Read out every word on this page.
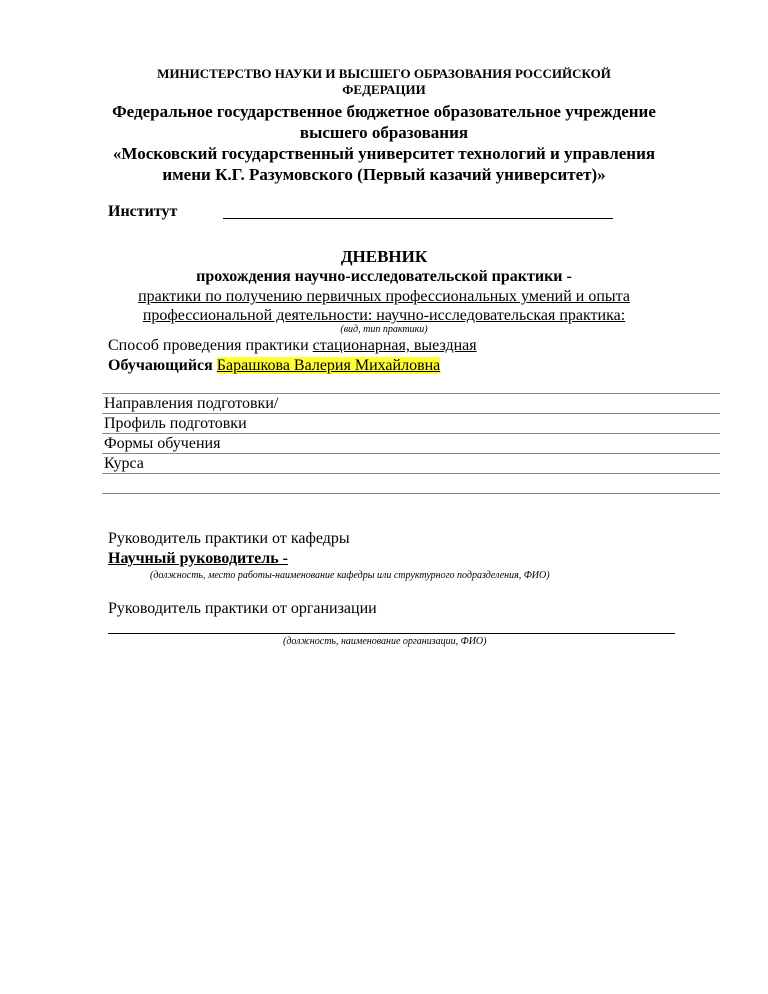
МИНИСТЕРСТВО НАУКИ И ВЫСШЕГО ОБРАЗОВАНИЯ РОССИЙСКОЙ
ФЕДЕРАЦИИ
Федеральное государственное бюджетное образовательное учреждение
высшего образования
«Московский государственный университет технологий и управления
имени К.Г. Разумовского (Первый казачий университет)»
Институт
ДНЕВНИК
прохождения научно-исследовательской практики -
практики по получению первичных профессиональных умений и опыта
профессиональной деятельности: научно-исследовательская практика:
(вид, тип практики)
Способ проведения практики стационарная, выездная
Обучающийся Барашкова Валерия Михайловна
Направления подготовки/
Профиль подготовки
Формы обучения
Курса
Руководитель практики от кафедры
Научный руководитель -
(должность, место работы-наименование кафедры или структурного подразделения, ФИО)
Руководитель практики от организации
(должность, наименование организации, ФИО)
